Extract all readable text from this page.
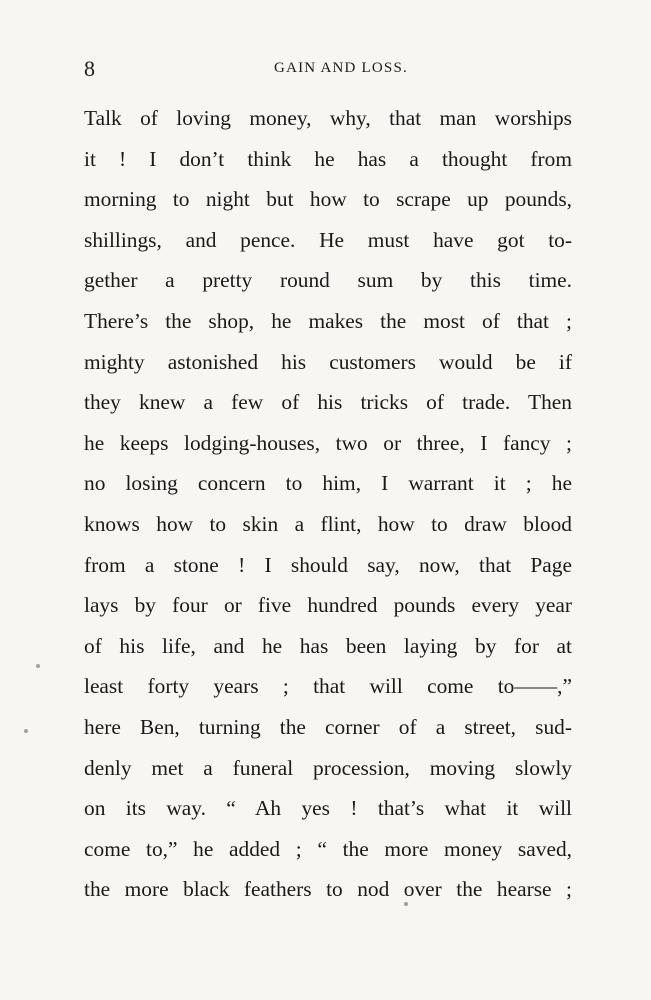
8	GAIN AND LOSS.
Talk of loving money, why, that man worships
it ! I don’t think he has a thought from
morning to night but how to scrape up pounds,
shillings, and pence. He must have got to-
gether a pretty round sum by this time.
There’s the shop, he makes the most of that ;
mighty astonished his customers would be if
they knew a few of his tricks of trade. Then
he keeps lodging-houses, two or three, I fancy ;
no losing concern to him, I warrant it ; he
knows how to skin a flint, how to draw blood
from a stone ! I should say, now, that Page
lays by four or five hundred pounds every year
of his life, and he has been laying by for at
least forty years ; that will come to——,”
here Ben, turning the corner of a street, sud-
denly met a funeral procession, moving slowly
on its way. “ Ah yes ! that’s what it will
come to,” he added ; “ the more money saved,
the more black feathers to nod over the hearse ;
